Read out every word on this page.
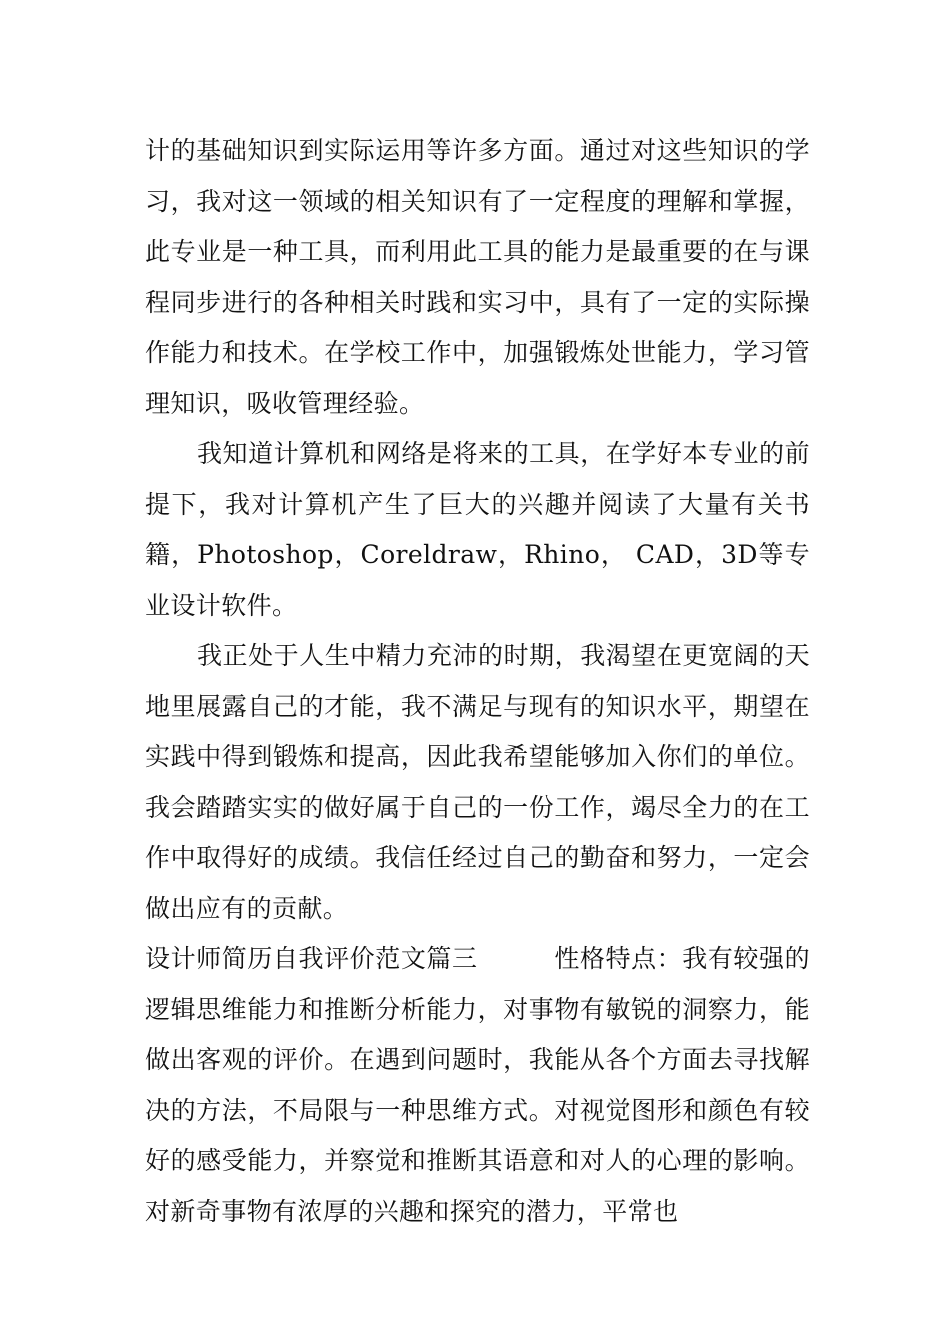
计的基础知识到实际运用等许多方面。通过对这些知识的学习，我对这一领域的相关知识有了一定程度的理解和掌握，此专业是一种工具，而利用此工具的能力是最重要的在与课程同步进行的各种相关时践和实习中，具有了一定的实际操作能力和技术。在学校工作中，加强锻炼处世能力，学习管理知识，吸收管理经验。

我知道计算机和网络是将来的工具，在学好本专业的前提下，我对计算机产生了巨大的兴趣并阅读了大量有关书籍，Photoshop，Coreldraw，Rhino， CAD，3D等专业设计软件。

我正处于人生中精力充沛的时期，我渴望在更宽阔的天地里展露自己的才能，我不满足与现有的知识水平，期望在实践中得到锻炼和提高，因此我希望能够加入你们的单位。我会踏踏实实的做好属于自己的一份工作，竭尽全力的在工作中取得好的成绩。我信任经过自己的勤奋和努力，一定会做出应有的贡献。

设计师简历自我评价范文篇三　　　性格特点：我有较强的逻辑思维能力和推断分析能力，对事物有敏锐的洞察力，能做出客观的评价。在遇到问题时，我能从各个方面去寻找解决的方法，不局限与一种思维方式。对视觉图形和颜色有较好的感受能力，并察觉和推断其语意和对人的心理的影响。对新奇事物有浓厚的兴趣和探究的潜力，平常也
